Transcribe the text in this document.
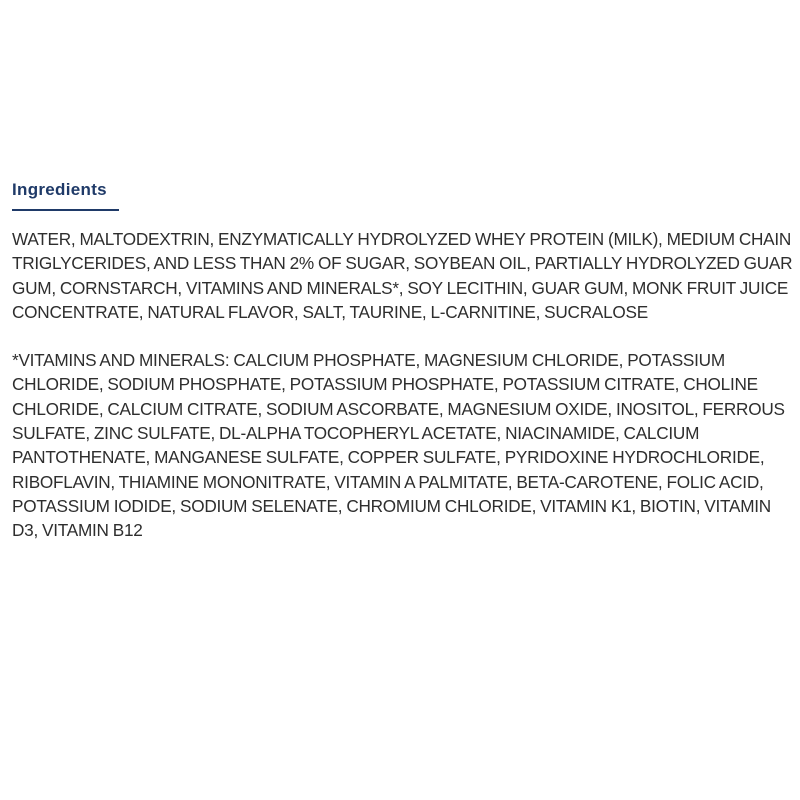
Ingredients

WATER, MALTODEXTRIN, ENZYMATICALLY HYDROLYZED WHEY PROTEIN (MILK), MEDIUM CHAIN TRIGLYCERIDES, AND LESS THAN 2% OF SUGAR, SOYBEAN OIL, PARTIALLY HYDROLYZED GUAR GUM, CORNSTARCH, VITAMINS AND MINERALS*, SOY LECITHIN, GUAR GUM, MONK FRUIT JUICE CONCENTRATE, NATURAL FLAVOR, SALT, TAURINE, L-CARNITINE, SUCRALOSE

*VITAMINS AND MINERALS: CALCIUM PHOSPHATE, MAGNESIUM CHLORIDE, POTASSIUM CHLORIDE, SODIUM PHOSPHATE, POTASSIUM PHOSPHATE, POTASSIUM CITRATE, CHOLINE CHLORIDE, CALCIUM CITRATE, SODIUM ASCORBATE, MAGNESIUM OXIDE, INOSITOL, FERROUS SULFATE, ZINC SULFATE, DL-ALPHA TOCOPHERYL ACETATE, NIACINAMIDE, CALCIUM PANTOTHENATE, MANGANESE SULFATE, COPPER SULFATE, PYRIDOXINE HYDROCHLORIDE, RIBOFLAVIN, THIAMINE MONONITRATE, VITAMIN A PALMITATE, BETA-CAROTENE, FOLIC ACID, POTASSIUM IODIDE, SODIUM SELENATE, CHROMIUM CHLORIDE, VITAMIN K1, BIOTIN, VITAMIN D3, VITAMIN B12
